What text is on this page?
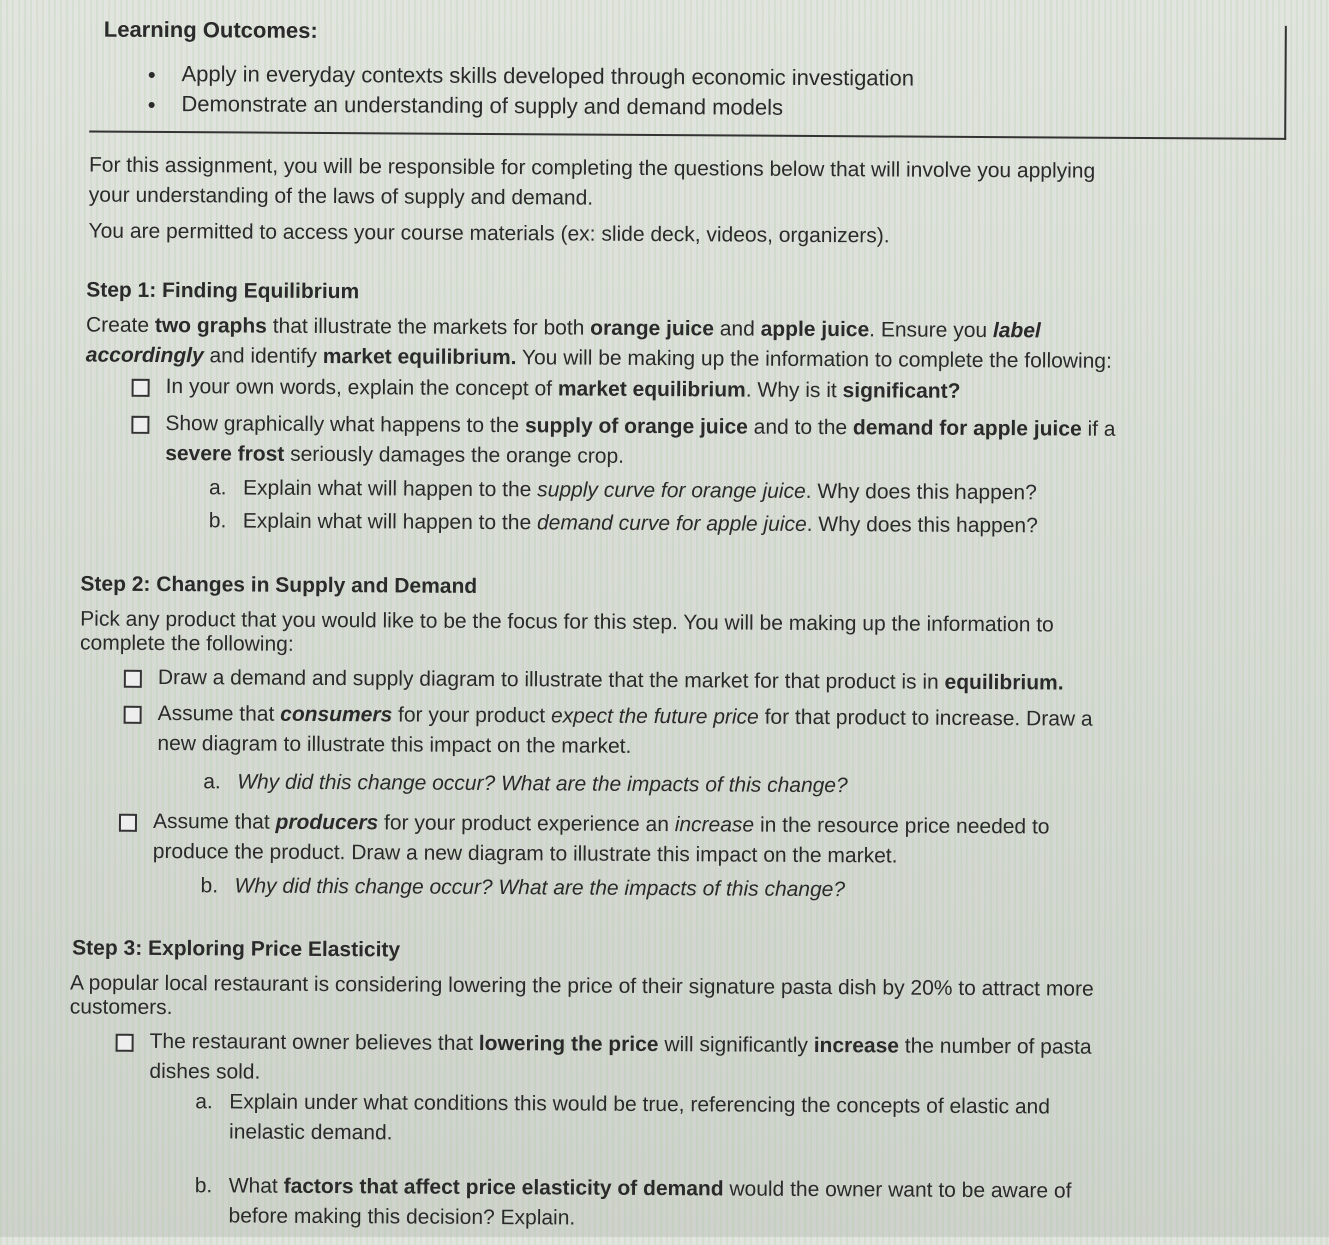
Learning Outcomes:
● Apply in everyday contexts skills developed through economic investigation
● Demonstrate an understanding of supply and demand models
For this assignment, you will be responsible for completing the questions below that will involve you applying
your understanding of the laws of supply and demand.
You are permitted to access your course materials (ex: slide deck, videos, organizers).
Step 1: Finding Equilibrium
Create two graphs that illustrate the markets for both orange juice and apple juice. Ensure you label
accordingly and identify market equilibrium. You will be making up the information to complete the following:
In your own words, explain the concept of market equilibrium. Why is it significant?
Show graphically what happens to the supply of orange juice and to the demand for apple juice if a
severe frost seriously damages the orange crop.
a. Explain what will happen to the supply curve for orange juice. Why does this happen?
b. Explain what will happen to the demand curve for apple juice. Why does this happen?
Step 2: Changes in Supply and Demand
Pick any product that you would like to be the focus for this step. You will be making up the information to
complete the following:
Draw a demand and supply diagram to illustrate that the market for that product is in equilibrium.
Assume that consumers for your product expect the future price for that product to increase. Draw a
new diagram to illustrate this impact on the market.
a. Why did this change occur? What are the impacts of this change?
Assume that producers for your product experience an increase in the resource price needed to
produce the product. Draw a new diagram to illustrate this impact on the market.
b. Why did this change occur? What are the impacts of this change?
Step 3: Exploring Price Elasticity
A popular local restaurant is considering lowering the price of their signature pasta dish by 20% to attract more
customers.
The restaurant owner believes that lowering the price will significantly increase the number of pasta
dishes sold.
a. Explain under what conditions this would be true, referencing the concepts of elastic and
inelastic demand.
b. What factors that affect price elasticity of demand would the owner want to be aware of
before making this decision? Explain.
